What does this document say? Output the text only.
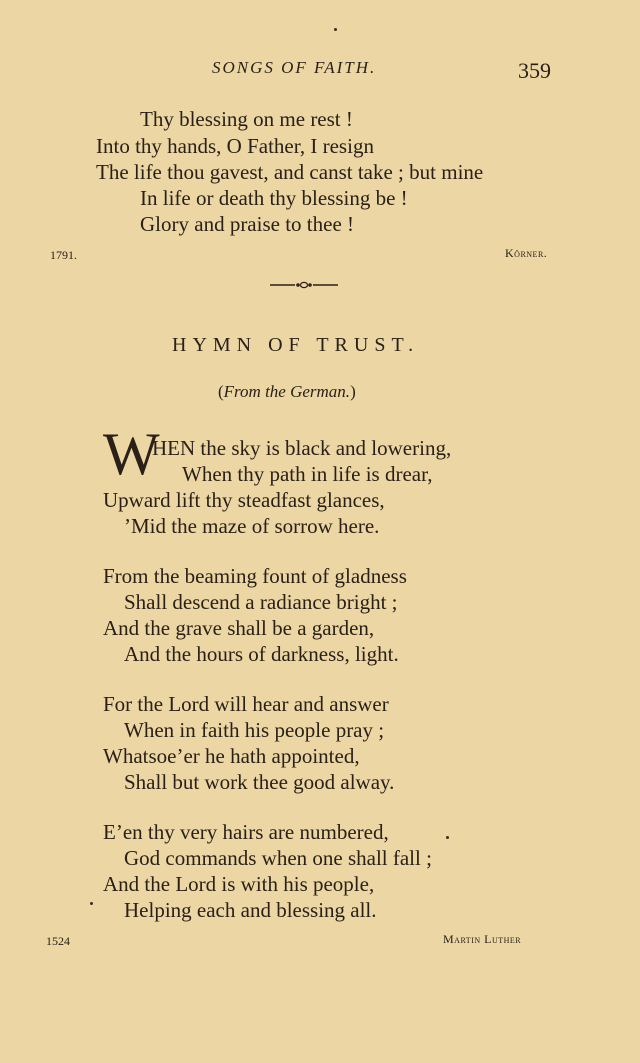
SONGS OF FAITH.	359
Thy blessing on me rest !
Into thy hands, O Father, I resign
The life thou gavest, and canst take ; but mine
In life or death thy blessing be !
Glory and praise to thee !
1791.	Körner.
HYMN OF TRUST.
(From the German.)
W
HEN the sky is black and lowering,
When thy path in life is drear,
Upward lift thy steadfast glances,
’Mid the maze of sorrow here.
From the beaming fount of gladness
Shall descend a radiance bright ;
And the grave shall be a garden,
And the hours of darkness, light.
For the Lord will hear and answer
When in faith his people pray ;
Whatsoe’er he hath appointed,
Shall but work thee good alway.
E’en thy very hairs are numbered,
God commands when one shall fall ;
And the Lord is with his people,
Helping each and blessing all.
1524	Martin Luther
